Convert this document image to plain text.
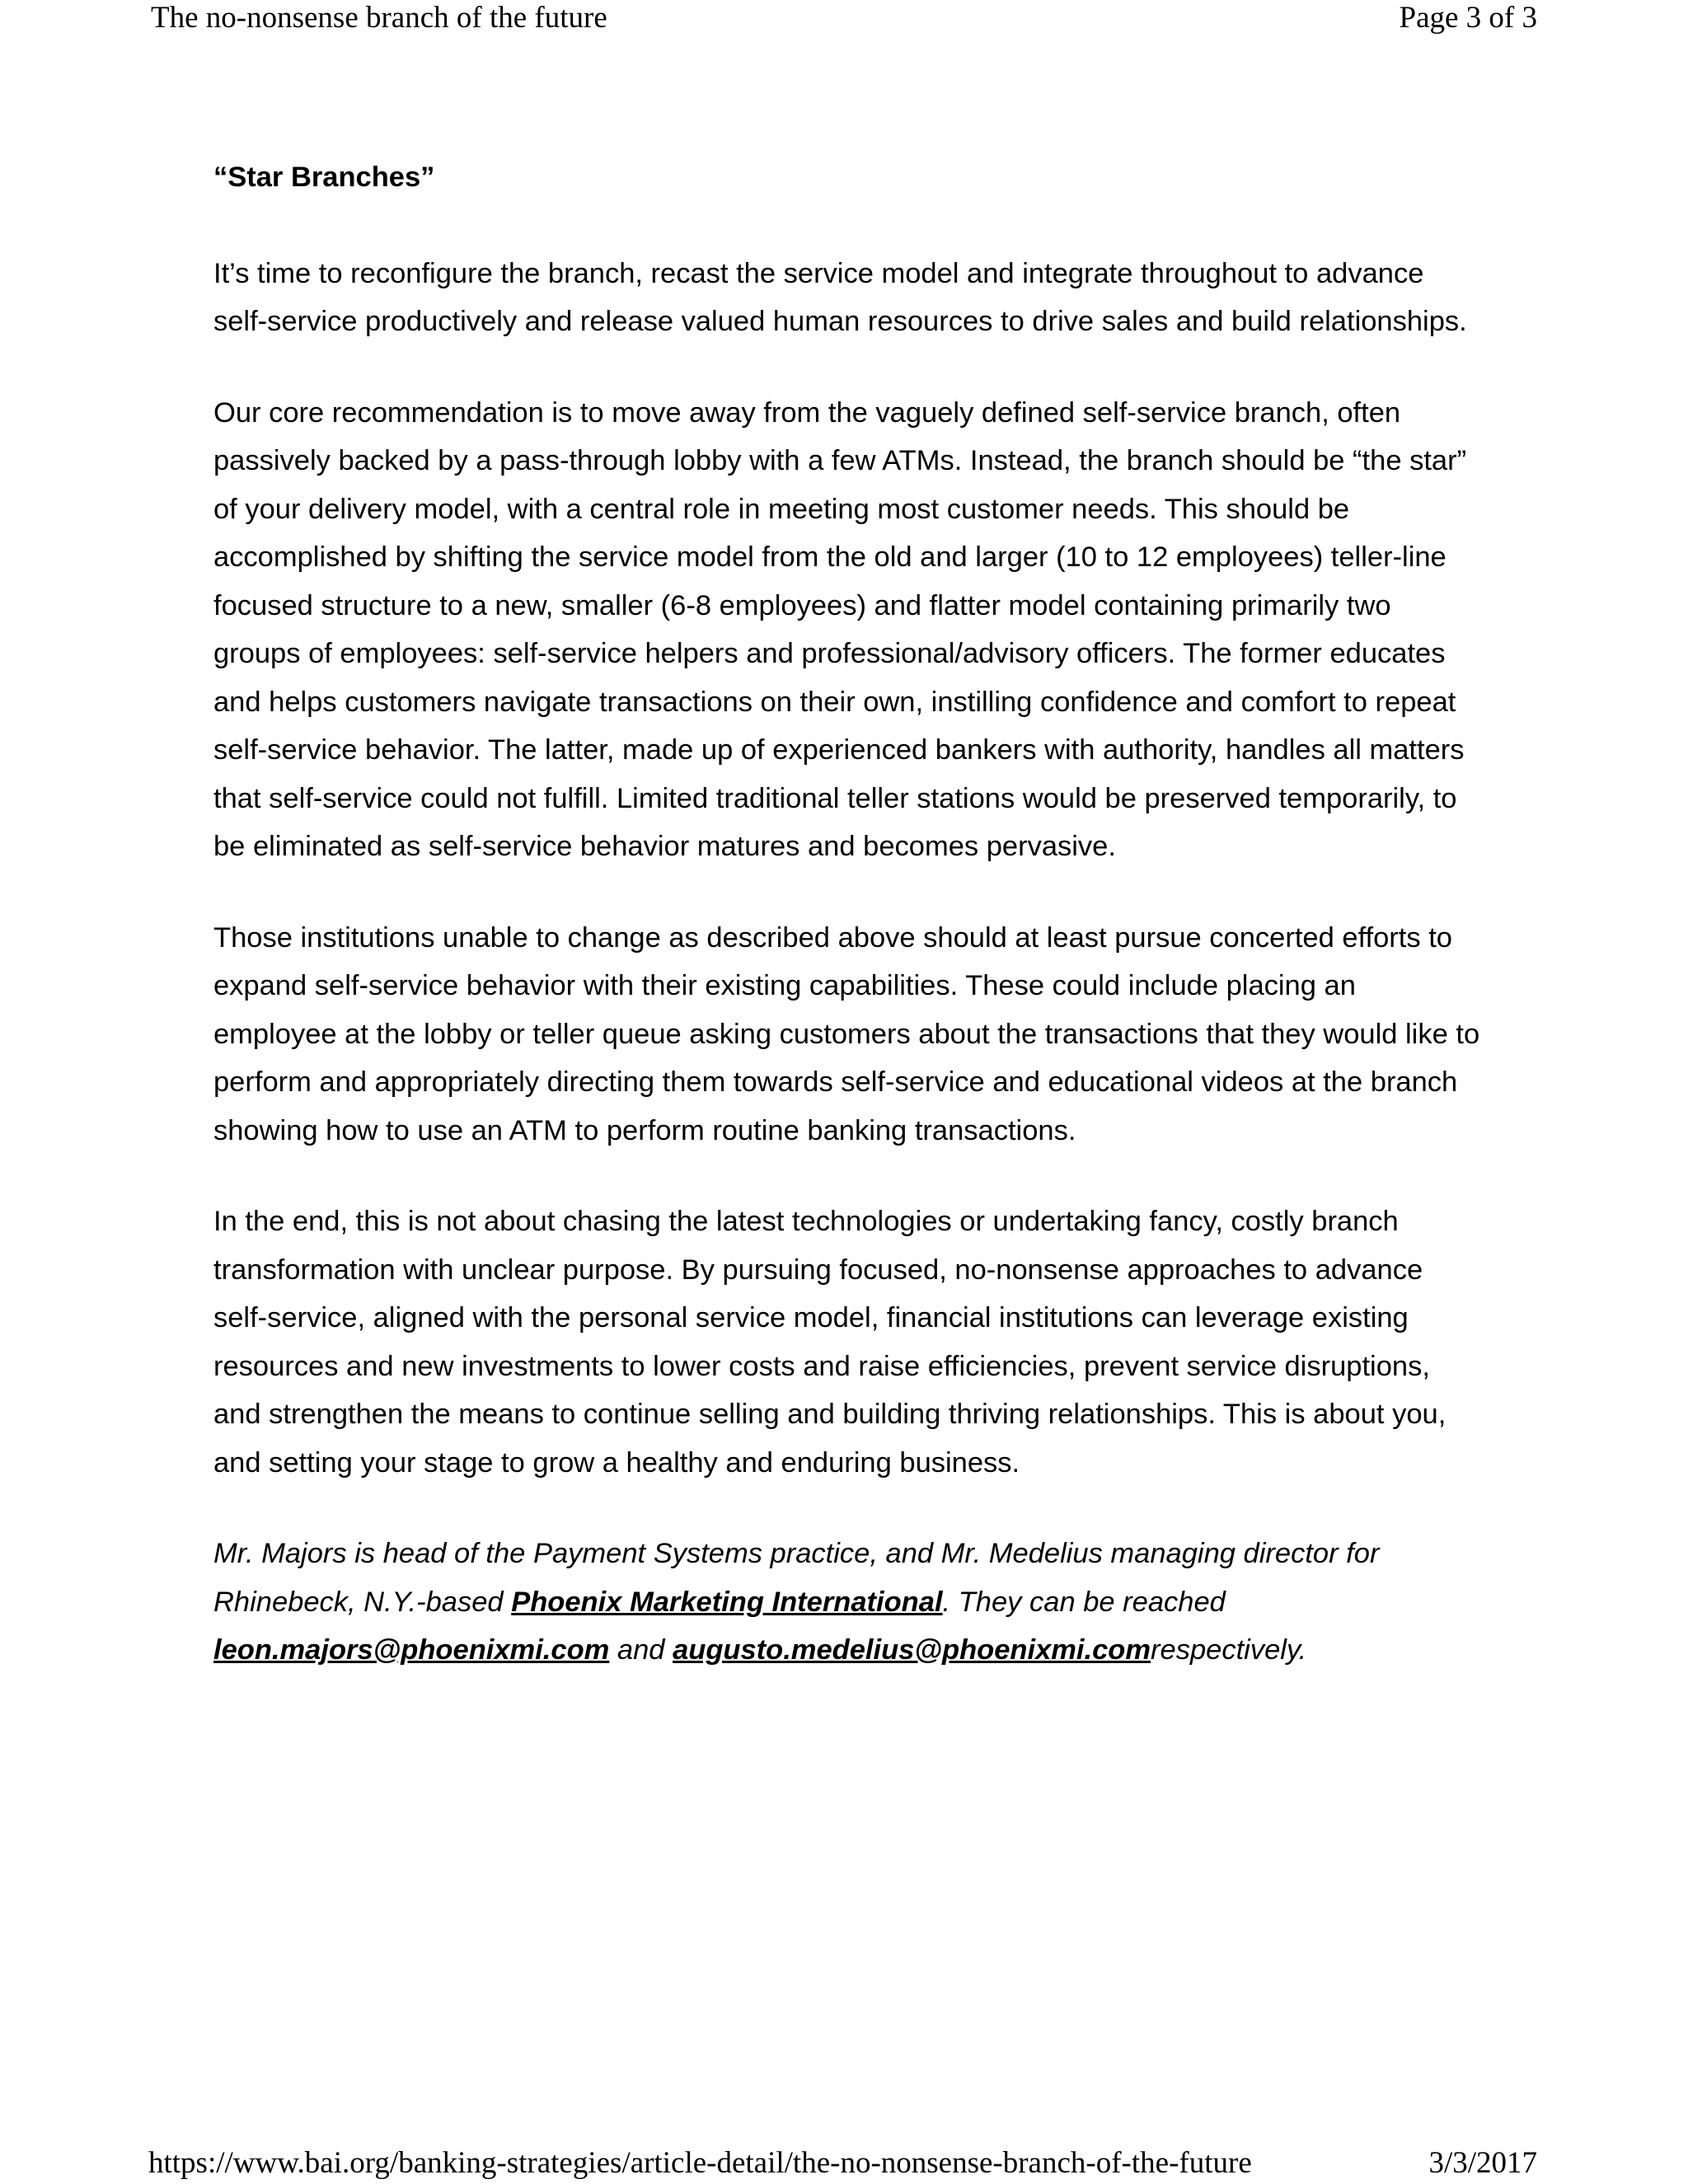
The no-nonsense branch of the future	Page 3 of 3

“Star Branches”

It’s time to reconfigure the branch, recast the service model and integrate throughout to advance self-service productively and release valued human resources to drive sales and build relationships.

Our core recommendation is to move away from the vaguely defined self-service branch, often passively backed by a pass-through lobby with a few ATMs. Instead, the branch should be “the star” of your delivery model, with a central role in meeting most customer needs. This should be accomplished by shifting the service model from the old and larger (10 to 12 employees) teller-line focused structure to a new, smaller (6-8 employees) and flatter model containing primarily two groups of employees: self-service helpers and professional/advisory officers. The former educates and helps customers navigate transactions on their own, instilling confidence and comfort to repeat self-service behavior. The latter, made up of experienced bankers with authority, handles all matters that self-service could not fulfill. Limited traditional teller stations would be preserved temporarily, to be eliminated as self-service behavior matures and becomes pervasive.

Those institutions unable to change as described above should at least pursue concerted efforts to expand self-service behavior with their existing capabilities. These could include placing an employee at the lobby or teller queue asking customers about the transactions that they would like to perform and appropriately directing them towards self-service and educational videos at the branch showing how to use an ATM to perform routine banking transactions.

In the end, this is not about chasing the latest technologies or undertaking fancy, costly branch transformation with unclear purpose. By pursuing focused, no-nonsense approaches to advance self-service, aligned with the personal service model, financial institutions can leverage existing resources and new investments to lower costs and raise efficiencies, prevent service disruptions, and strengthen the means to continue selling and building thriving relationships. This is about you, and setting your stage to grow a healthy and enduring business.

Mr. Majors is head of the Payment Systems practice, and Mr. Medelius managing director for Rhinebeck, N.Y.-based Phoenix Marketing International. They can be reached leon.majors@phoenixmi.com and augusto.medelius@phoenixmi.comrespectively.

https://www.bai.org/banking-strategies/article-detail/the-no-nonsense-branch-of-the-future	3/3/2017
